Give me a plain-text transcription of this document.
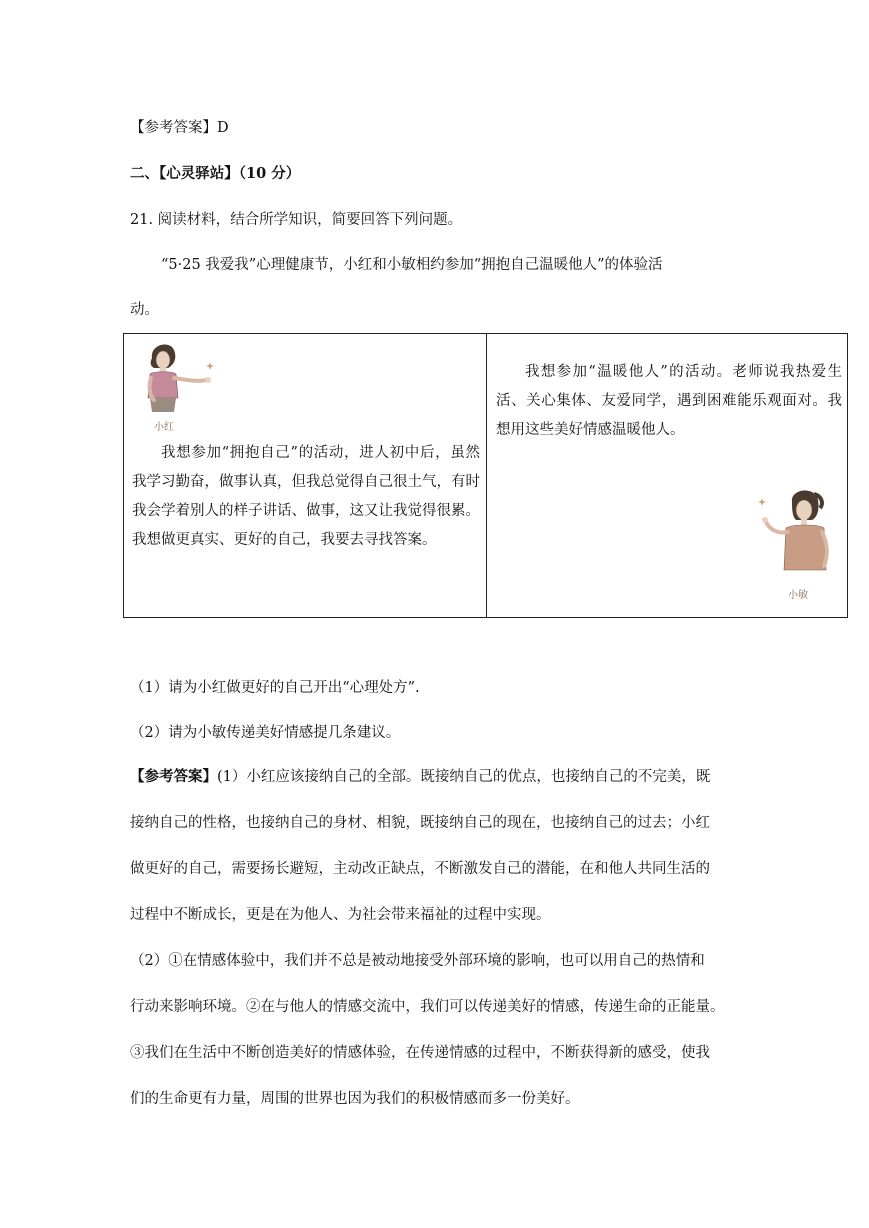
【参考答案】D
二、【心灵驿站】（10 分）
21. 阅读材料，结合所学知识，简要回答下列问题。
“5·25 我爱我”心理健康节，小红和小敏相约参加“拥抱自己温暖他人”的体验活
动。
小红
我想参加“拥抱自己”的活动，进人初中后，虽然我学习勤奋，做事认真，但我总觉得自己很土气，有时我会学着别人的样子讲话、做事，这又让我觉得很累。我想做更真实、更好的自己，我要去寻找答案。
我想参加“温暖他人”的活动。老师说我热爱生活、关心集体、友爱同学，遇到困难能乐观面对。我想用这些美好情感温暖他人。
小敏
（1）请为小红做更好的自己开出“心理处方”.
（2）请为小敏传递美好情感提几条建议。
【参考答案】(1）小红应该接纳自己的全部。既接纳自己的优点，也接纳自己的不完美，既
接纳自己的性格，也接纳自己的身材、相貌，既接纳自己的现在，也接纳自己的过去；小红
做更好的自己，需要扬长避短，主动改正缺点，不断激发自己的潜能，在和他人共同生活的
过程中不断成长，更是在为他人、为社会带来福祉的过程中实现。
（2）①在情感体验中，我们并不总是被动地接受外部环境的影响，也可以用自己的热情和
行动来影响环境。②在与他人的情感交流中，我们可以传递美好的情感，传递生命的正能量。
③我们在生活中不断创造美好的情感体验，在传递情感的过程中，不断获得新的感受，使我
们的生命更有力量，周围的世界也因为我们的积极情感而多一份美好。
